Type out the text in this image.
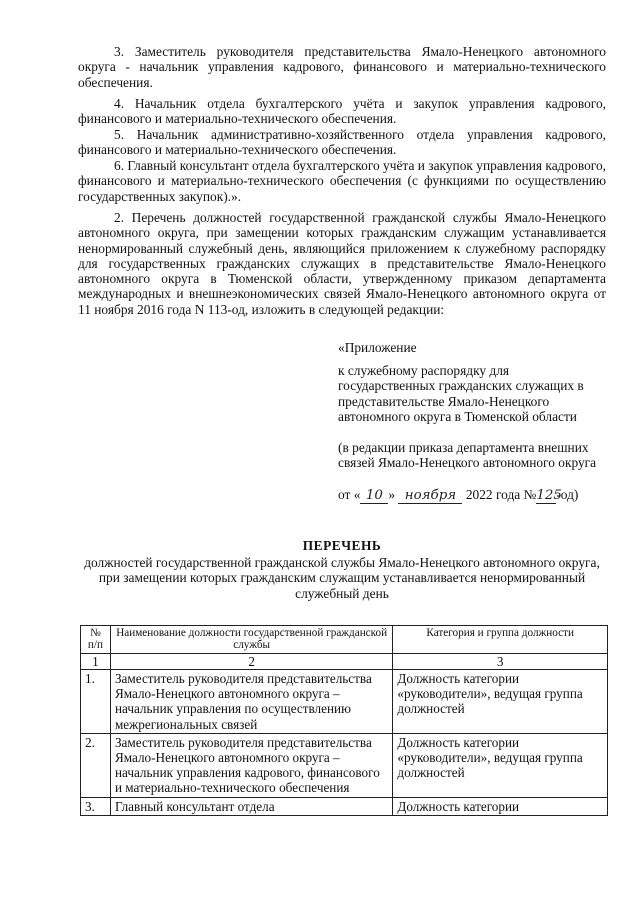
3. Заместитель руководителя представительства Ямало-Ненецкого автономного округа - начальник управления кадрового, финансового и материально-технического обеспечения.

4. Начальник отдела бухгалтерского учёта и закупок управления кадрового, финансового и материально-технического обеспечения.

5. Начальник административно-хозяйственного отдела управления кадрового, финансового и материально-технического обеспечения.

6. Главный консультант отдела бухгалтерского учёта и закупок управления кадрового, финансового и материально-технического обеспечения (с функциями по осуществлению государственных закупок).».

2. Перечень должностей государственной гражданской службы Ямало-Ненецкого автономного округа, при замещении которых гражданским служащим устанавливается ненормированный служебный день, являющийся приложением к служебному распорядку для государственных гражданских служащих в представительстве Ямало-Ненецкого автономного округа в Тюменской области, утвержденному приказом департамента международных и внешнеэкономических связей Ямало-Ненецкого автономного округа от 11 ноября 2016 года N 113-од, изложить в следующей редакции:

«Приложение

к служебному распорядку для государственных гражданских служащих в представительстве Ямало-Ненецкого автономного округа в Тюменской области

(в редакции приказа департамента внешних связей Ямало-Ненецкого автономного округа

от « 10 » ноября 2022 года №125-од)

ПЕРЕЧЕНЬ
должностей государственной гражданской службы Ямало-Ненецкого автономного округа, при замещении которых гражданским служащим устанавливается ненормированный служебный день
№ п/п	Наименование должности государственной гражданской службы	Категория и группа должности
1	2	3
1.	Заместитель руководителя представительства Ямало-Ненецкого автономного округа – начальник управления по осуществлению межрегиональных связей	Должность категории «руководители», ведущая группа должностей
2.	Заместитель руководителя представительства Ямало-Ненецкого автономного округа – начальник управления кадрового, финансового и материально-технического обеспечения	Должность категории «руководители», ведущая группа должностей
3.	Главный консультант отдела	Должность категории
